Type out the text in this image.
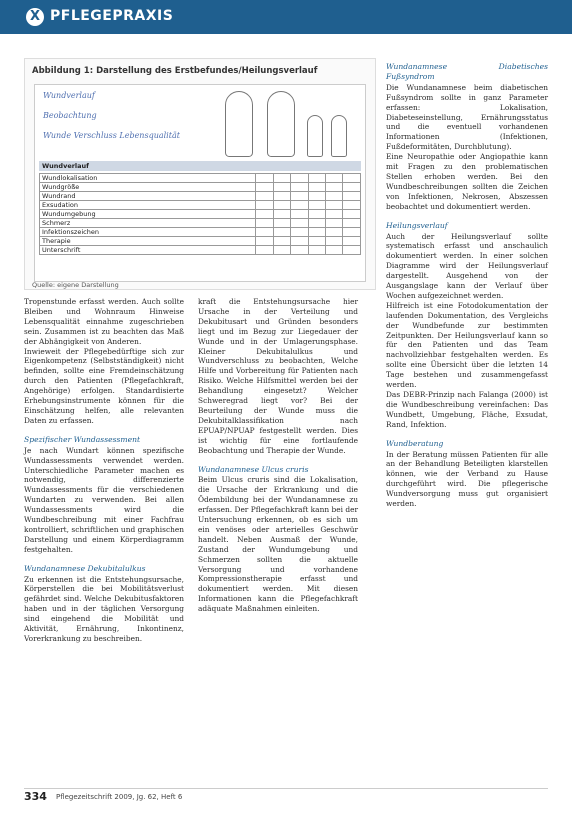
X PFLEGEPRAXIS
Abbildung 1: Darstellung des Erstbefundes/Heilungsverlauf
Wundverlauf
Beobachtung
Wunde Verschluss Lebensqualität
Wundverlauf
Wundlokalisation						
Wundgröße						
Wundrand						
Exsudation						
Wundumgebung						
Schmerz						
Infektionszeichen						
Therapie						
Unterschrift						
Quelle: eigene Darstellung

Tropenstunde erfasst werden. Auch sollte Bleiben und Wohnraum Hinweise Lebensqualität einnahme zugeschrieben sein. Zusammen ist zu beachten das Maß der Abhängigkeit von Anderen.

Inwieweit der Pflegebedürftige sich zur Eigenkompetenz (Selbstständigkeit) nicht befinden, sollte eine Fremdeinschätzung durch den Patienten (Pflegefachkraft, Angehörige) erfolgen. Standardisierte Erhebungsinstrumente können für die Einschätzung helfen, alle relevanten Daten zu erfassen.

Spezifischer Wundassessment

Je nach Wundart können spezifische Wundassessments verwendet werden. Unterschiedliche Parameter machen es notwendig, differenzierte Wundassessments für die verschiedenen Wundarten zu verwenden. Bei allen Wundassessments wird die Wundbeschreibung mit einer Fachfrau kontrolliert, schriftlichen und graphischen Darstellung und einem Körperdiagramm festgehalten.

Wundanamnese Dekubitalulkus

Zu erkennen ist die Entstehungsursache, Körperstellen die bei Mobilitätsverlust gefährdet sind. Welche Dekubitusfaktoren haben und in der täglichen Versorgung sind eingehend die Mobilität und Aktivität, Ernährung, Inkontinenz, Vorerkrankung zu beschreiben.

kraft die Entstehungsursache hier Ursache in der Verteilung und Dekubitusart und Gründen besonders liegt und im Bezug zur Liegedauer der Wunde und in der Umlagerungsphase. Kleiner Dekubitalulkus und Wundverschluss zu beobachten, Welche Hilfe und Vorbereitung für Patienten nach Risiko. Welche Hilfsmittel werden bei der Behandlung eingesetzt? Welcher Schweregrad liegt vor? Bei der Beurteilung der Wunde muss die Dekubitalklassifikation nach EPUAP/NPUAP festgestellt werden. Dies ist wichtig für eine fortlaufende Beobachtung und Therapie der Wunde.

Wundanamnese Ulcus cruris

Beim Ulcus cruris sind die Lokalisation, die Ursache der Erkrankung und die Ödembildung bei der Wundanamnese zu erfassen. Der Pflegefachkraft kann bei der Untersuchung erkennen, ob es sich um ein venöses oder arterielles Geschwür handelt. Neben Ausmaß der Wunde, Zustand der Wundumgebung und Schmerzen sollten die aktuelle Versorgung und vorhandene Kompressionstherapie erfasst und dokumentiert werden. Mit diesen Informationen kann die Pflegefachkraft adäquate Maßnahmen einleiten.

Wundanamnese Diabetisches Fußsyndrom

Die Wundanamnese beim diabetischen Fußsyndrom sollte in ganz Parameter erfassen: Lokalisation, Diabeteseinstellung, Ernährungsstatus und die eventuell vorhandenen Informationen (Infektionen, Fußdeformitäten, Durchblutung).

Eine Neuropathie oder Angiopathie kann mit Fragen zu den problematischen Stellen erhoben werden. Bei den Wundbeschreibungen sollten die Zeichen von Infektionen, Nekrosen, Abszessen beobachtet und dokumentiert werden.

Heilungsverlauf

Auch der Heilungsverlauf sollte systematisch erfasst und anschaulich dokumentiert werden. In einer solchen Diagramme wird der Heilungsverlauf dargestellt. Ausgehend von der Ausgangslage kann der Verlauf über Wochen aufgezeichnet werden.

Hilfreich ist eine Fotodokumentation der laufenden Dokumentation, des Vergleichs der Wundbefunde zur bestimmten Zeitpunkten. Der Heilungsverlauf kann so für den Patienten und das Team nachvollziehbar festgehalten werden. Es sollte eine Übersicht über die letzten 14 Tage bestehen und zusammengefasst werden.

Das DEBR-Prinzip nach Falanga (2000) ist die Wundbeschreibung vereinfachen: Das Wundbett, Umgebung, Fläche, Exsudat, Rand, Infektion.

Wundberatung

In der Beratung müssen Patienten für alle an der Behandlung Beteiligten klarstellen können, wie der Verband zu Hause durchgeführt wird. Die pflegerische Wundversorgung muss gut organisiert werden.

334 Pflegezeitschrift 2009, Jg. 62, Heft 6
